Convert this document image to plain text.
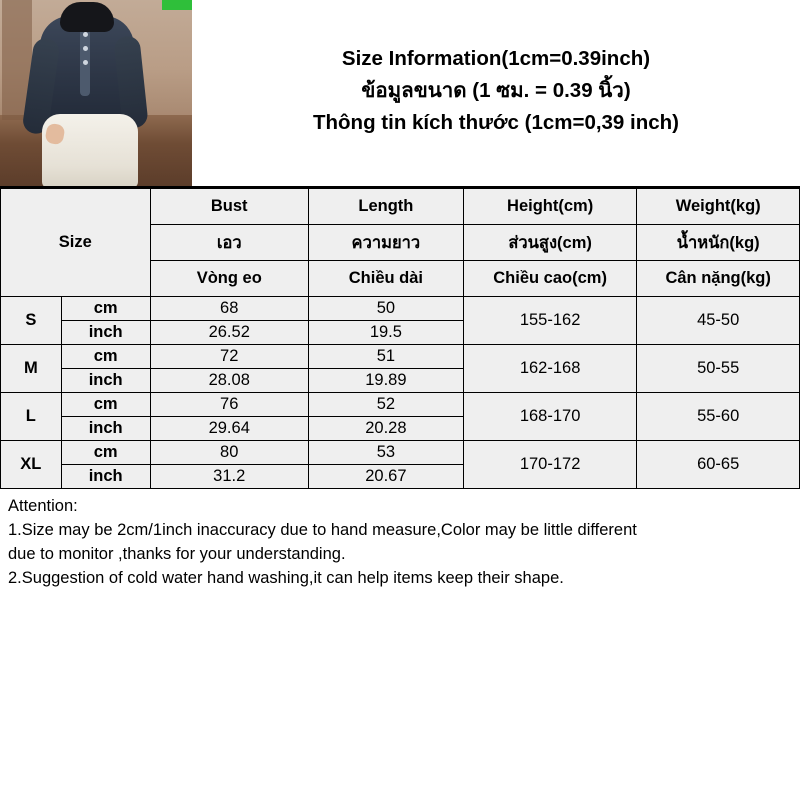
Size Information(1cm=0.39inch)
ข้อมูลขนาด (1 ซม. = 0.39 นิ้ว)
Thông tin kích thước (1cm=0,39 inch)
Size		Bust	Length	Height(cm)	Weight(kg)
		เอว	ความยาว	ส่วนสูง(cm)	น้ำหนัก(kg)
		Vòng eo	Chiều dài	Chiều cao(cm)	Cân nặng(kg)
S	cm	68	50	155-162	45-50
	inch	26.52	19.5		
M	cm	72	51	162-168	50-55
	inch	28.08	19.89		
L	cm	76	52	168-170	55-60
	inch	29.64	20.28		
XL	cm	80	53	170-172	60-65
	inch	31.2	20.67		
Attention:
1.Size may be 2cm/1inch inaccuracy due to hand measure,Color may be little different
due to monitor ,thanks for your understanding.
2.Suggestion of cold water hand washing,it can help items keep their shape.
